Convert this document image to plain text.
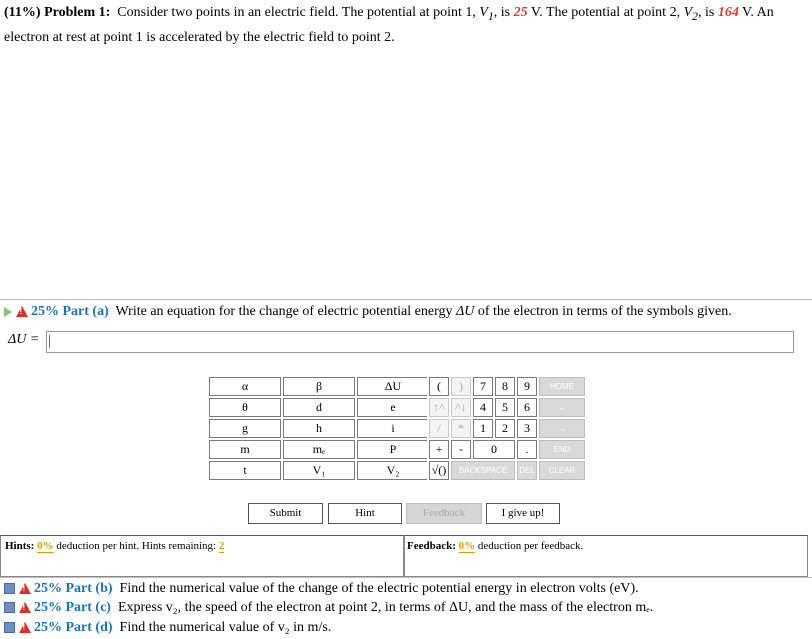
(11%) Problem 1: Consider two points in an electric field. The potential at point 1, $V_1$, is 25 V. The potential at point 2, $V_2$, is 164 V. An electron at rest at point 1 is accelerated by the electric field to point 2.
! 25% Part (a) Write an equation for the change of electric potential energy ΔU of the electron in terms of the symbols given.
ΔU =
α	β	ΔU
θ	d	e
g	h	i
m	mₑ	P
t	V₁	V₂
(	)	7	8	9	HOME
↑^	^↓	4	5	6	←
/	*	1	2	3	→
+	-	0		.	END
√()	BACKSPACE			DEL	CLEAR
Submit	Hint	Feedback	I give up!
Hints: 0% deduction per hint. Hints remaining: 2	Feedback: 0% deduction per feedback.
! 25% Part (b) Find the numerical value of the change of the electric potential energy in electron volts (eV).
! 25% Part (c) Express v₂, the speed of the electron at point 2, in terms of ΔU, and the mass of the electron mₑ.
! 25% Part (d) Find the numerical value of v₂ in m/s.
